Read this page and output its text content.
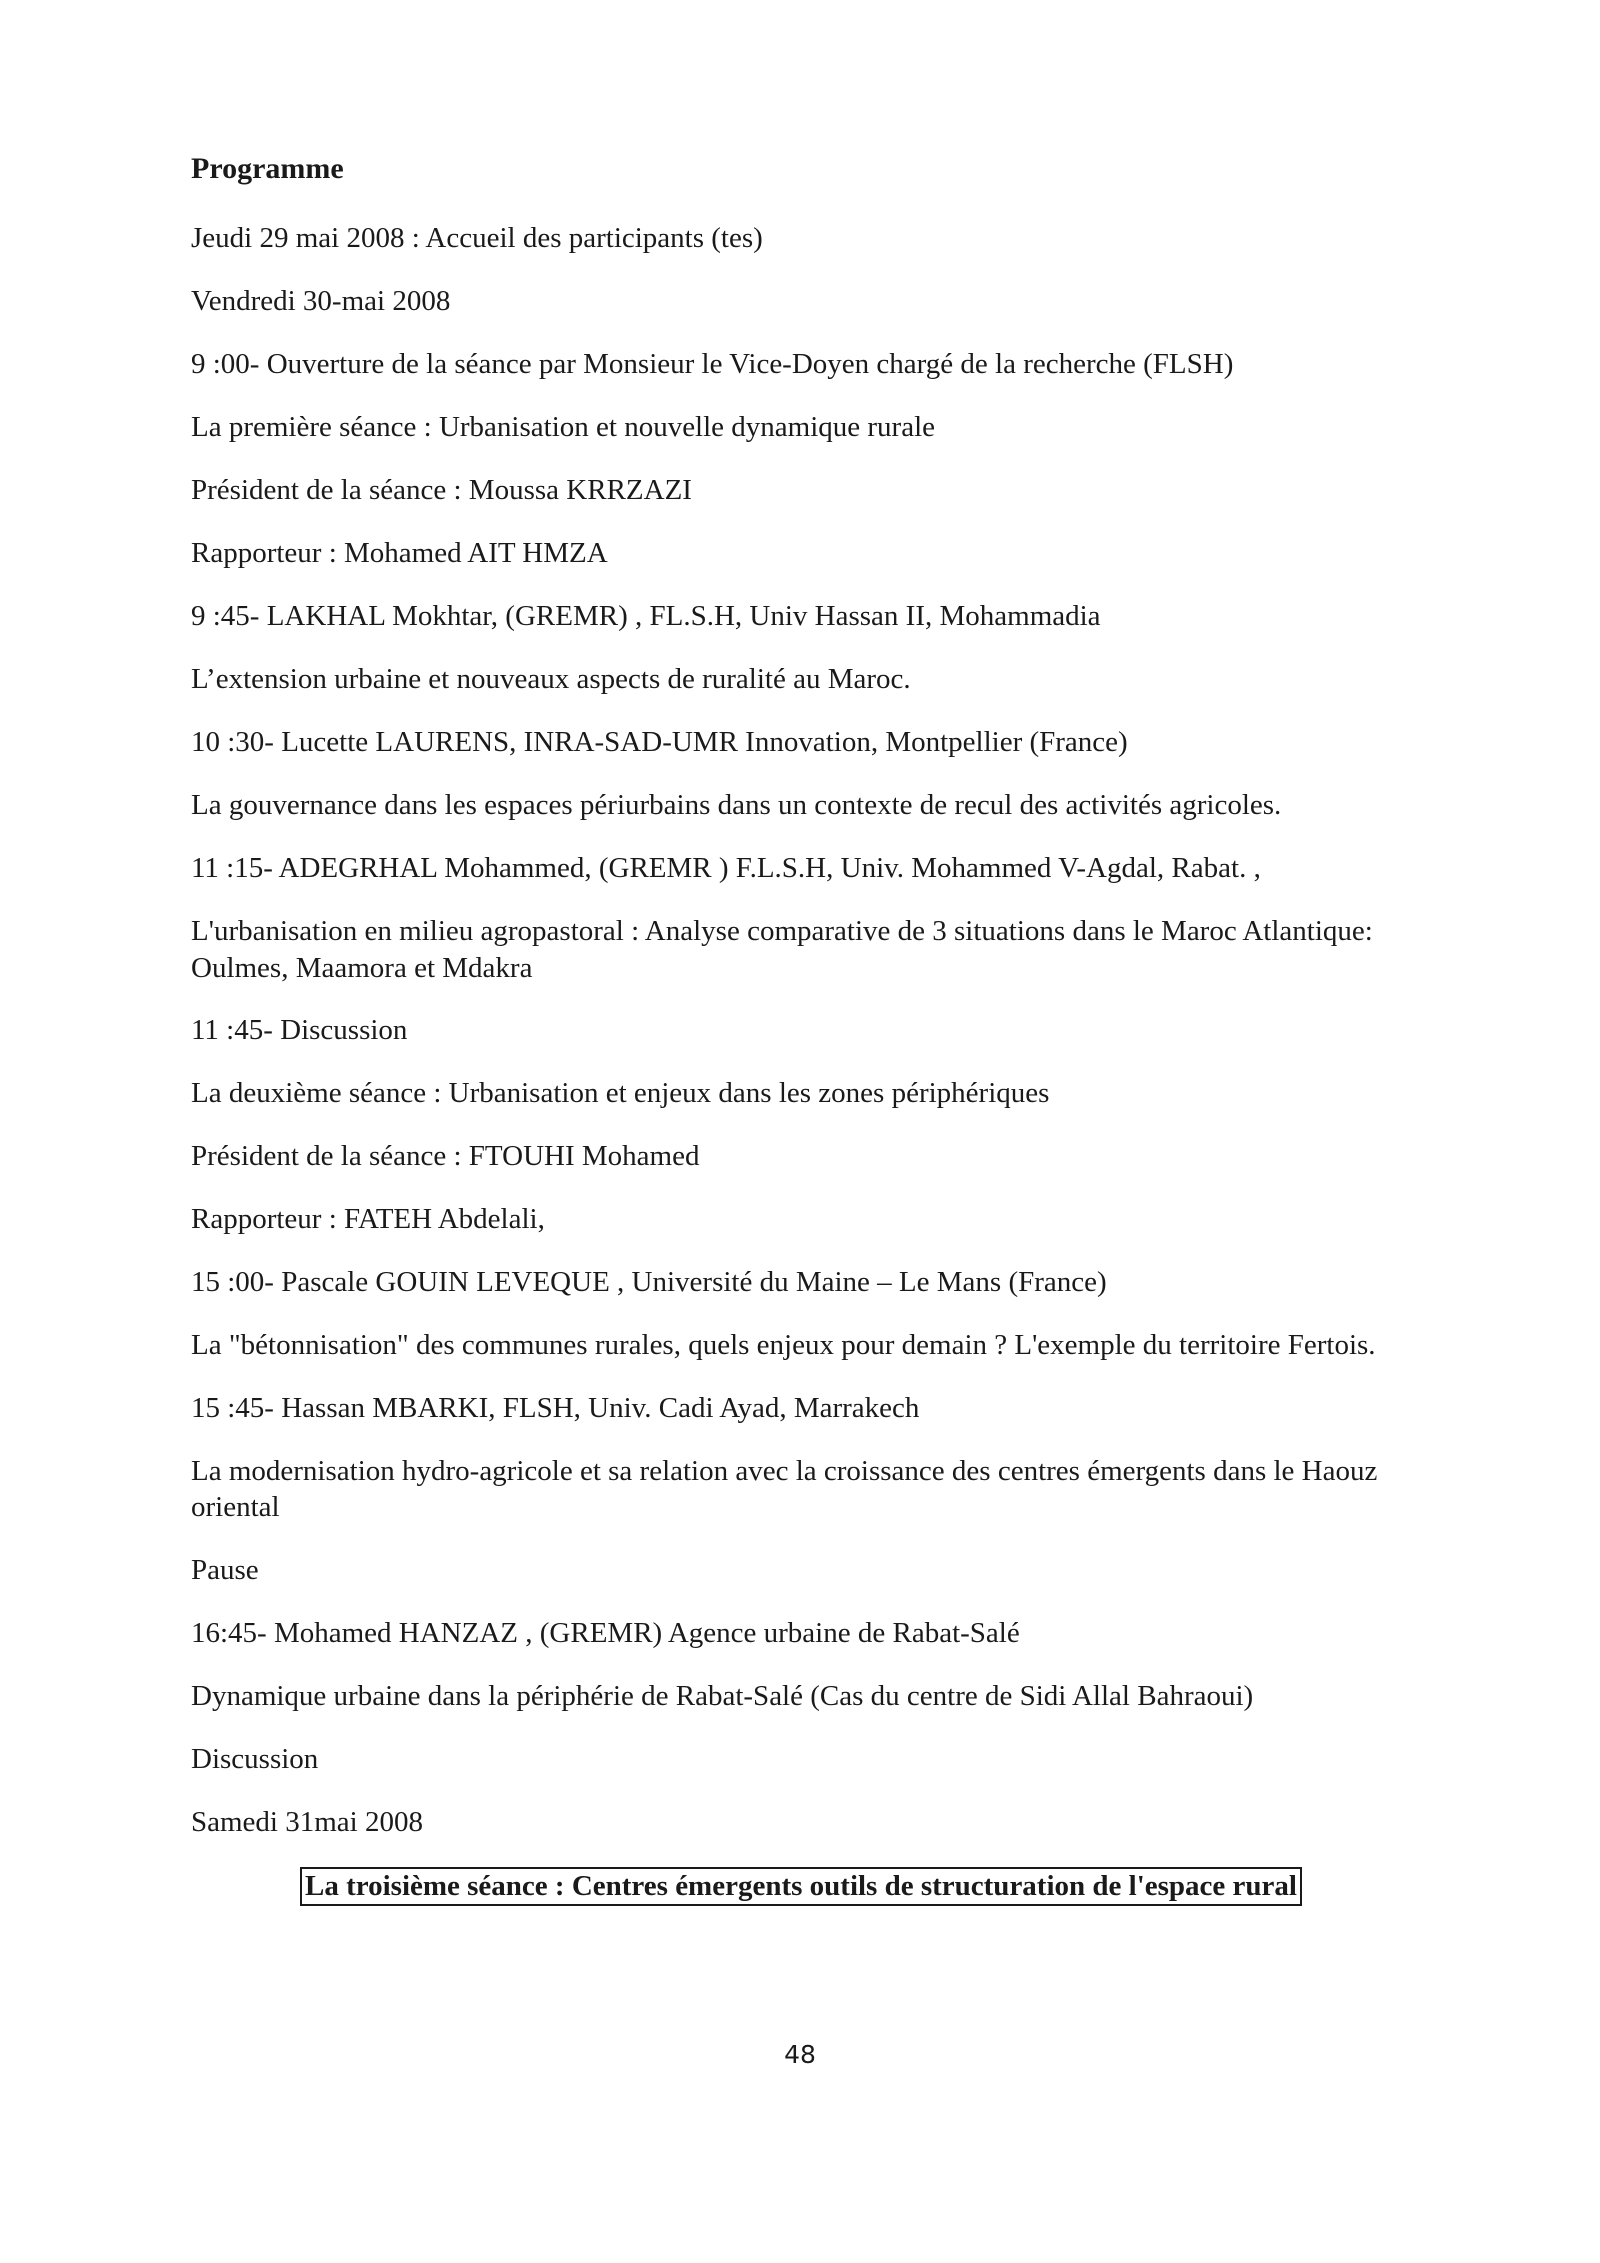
Programme
Jeudi 29 mai 2008 : Accueil des participants (tes)
Vendredi 30-mai 2008
9 :00- Ouverture de la séance par Monsieur le Vice-Doyen chargé de la recherche (FLSH)
La première séance : Urbanisation et nouvelle dynamique rurale
Président de la séance : Moussa KRRZAZI
Rapporteur : Mohamed AIT HMZA
9 :45- LAKHAL Mokhtar, (GREMR) , FL.S.H, Univ Hassan II, Mohammadia
L’extension urbaine et nouveaux aspects de ruralité au Maroc.
10 :30- Lucette LAURENS, INRA-SAD-UMR Innovation, Montpellier (France)
La gouvernance dans les espaces périurbains dans un contexte de recul des activités agricoles.
11 :15- ADEGRHAL Mohammed, (GREMR ) F.L.S.H, Univ. Mohammed V-Agdal, Rabat. ,
L'urbanisation en milieu agropastoral : Analyse comparative de 3 situations dans le Maroc Atlantique: Oulmes, Maamora et Mdakra
11 :45- Discussion
La deuxième séance : Urbanisation et enjeux dans les zones périphériques
Président de la séance : FTOUHI Mohamed
Rapporteur : FATEH Abdelali,
15 :00- Pascale GOUIN LEVEQUE , Université du Maine – Le Mans (France)
La "bétonnisation" des communes rurales, quels enjeux pour demain ? L'exemple du territoire Fertois.
15 :45- Hassan MBARKI, FLSH, Univ. Cadi Ayad, Marrakech
La modernisation hydro-agricole et sa relation avec la croissance des centres émergents dans le Haouz oriental
Pause
16:45- Mohamed HANZAZ , (GREMR) Agence urbaine de Rabat-Salé
Dynamique urbaine dans la périphérie de Rabat-Salé (Cas du centre de Sidi Allal Bahraoui)
Discussion
Samedi 31mai 2008
La troisième séance : Centres émergents outils de structuration de l'espace rural
48
